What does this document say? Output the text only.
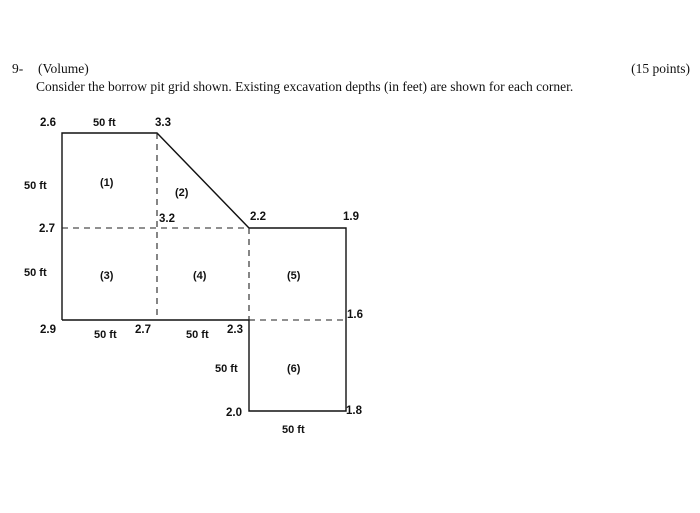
9- (Volume)	(15 points)
Consider the borrow pit grid shown. Existing excavation depths (in feet) are shown for each corner.
2.6	3.3
3.2	2.2	1.9
2.7
1.6
2.9	2.7	2.3
2.0	1.8
50 ft
50 ft
50 ft
50 ft	50 ft
50 ft
50 ft
(1)
(2)
(3)	(4)	(5)
(6)
